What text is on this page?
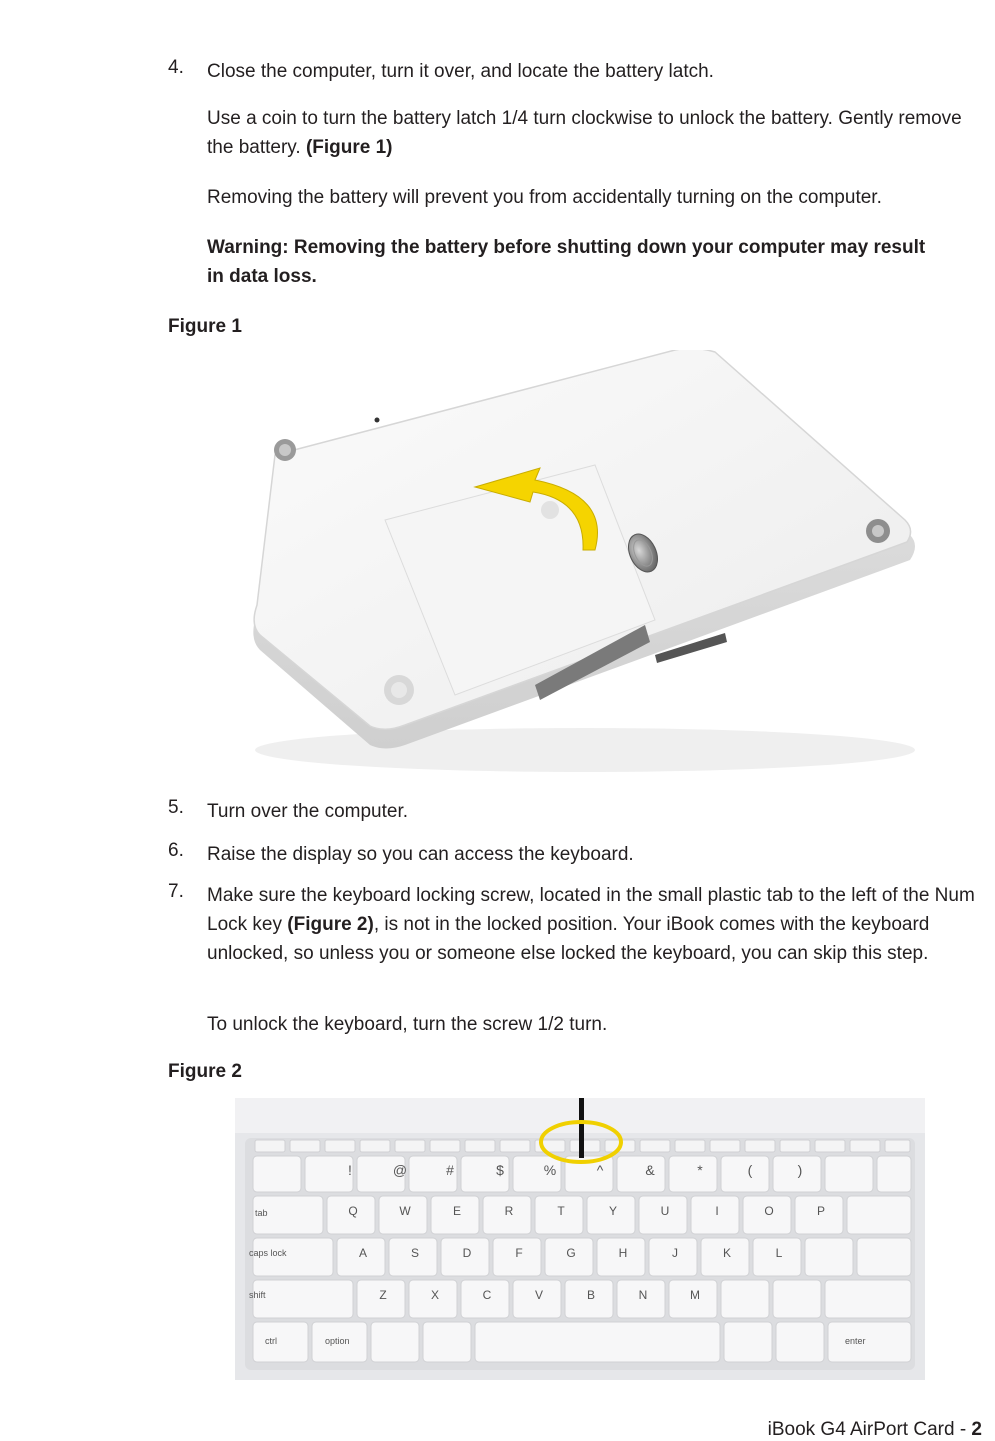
4. Close the computer, turn it over, and locate the battery latch.
Use a coin to turn the battery latch 1/4 turn clockwise to unlock the battery. Gently remove the battery. (Figure 1)
Removing the battery will prevent you from accidentally turning on the computer.
Warning: Removing the battery before shutting down your computer may result in data loss.
Figure 1
5. Turn over the computer.
6. Raise the display so you can access the keyboard.
7. Make sure the keyboard locking screw, located in the small plastic tab to the left of the Num Lock key (Figure 2), is not in the locked position. Your iBook comes with the keyboard unlocked, so unless you or someone else locked the keyboard, you can skip this step.
To unlock the keyboard, turn the screw 1/2 turn.
Figure 2
!	@	#	$	%	^	&	*	(	)
tab	Q	W	E	R	T	Y	U	I	O	P
caps lock	A	S	D	F	G	H	J	K	L
shift	Z	X	C	V	B	N	M
ctrl	option	enter
iBook G4 AirPort Card - 2
